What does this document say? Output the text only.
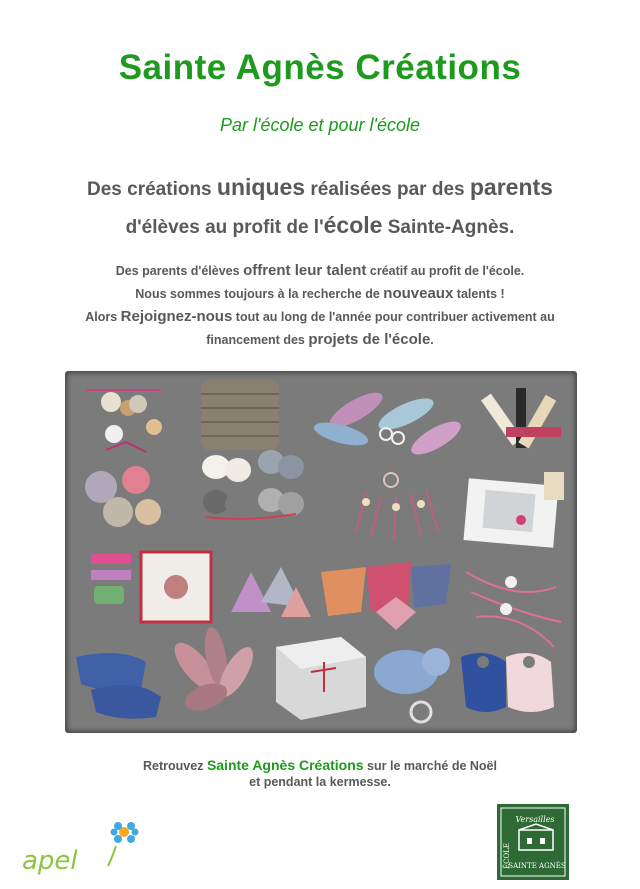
Sainte Agnès Créations
Par l'école et pour l'école
Des créations uniques réalisées par des parents
d'élèves au profit de l'école Sainte-Agnès.
Des parents d'élèves offrent leur talent créatif au profit de l'école.
Nous sommes toujours à la recherche de nouveaux talents !
Alors Rejoignez-nous tout au long de l'année pour contribuer activement au
financement des projets de l'école.
Retrouvez Sainte Agnès Créations sur le marché de Noël
et pendant la kermesse.
apel
Versailles
ÉCOLE
SAINTE AGNÈS
